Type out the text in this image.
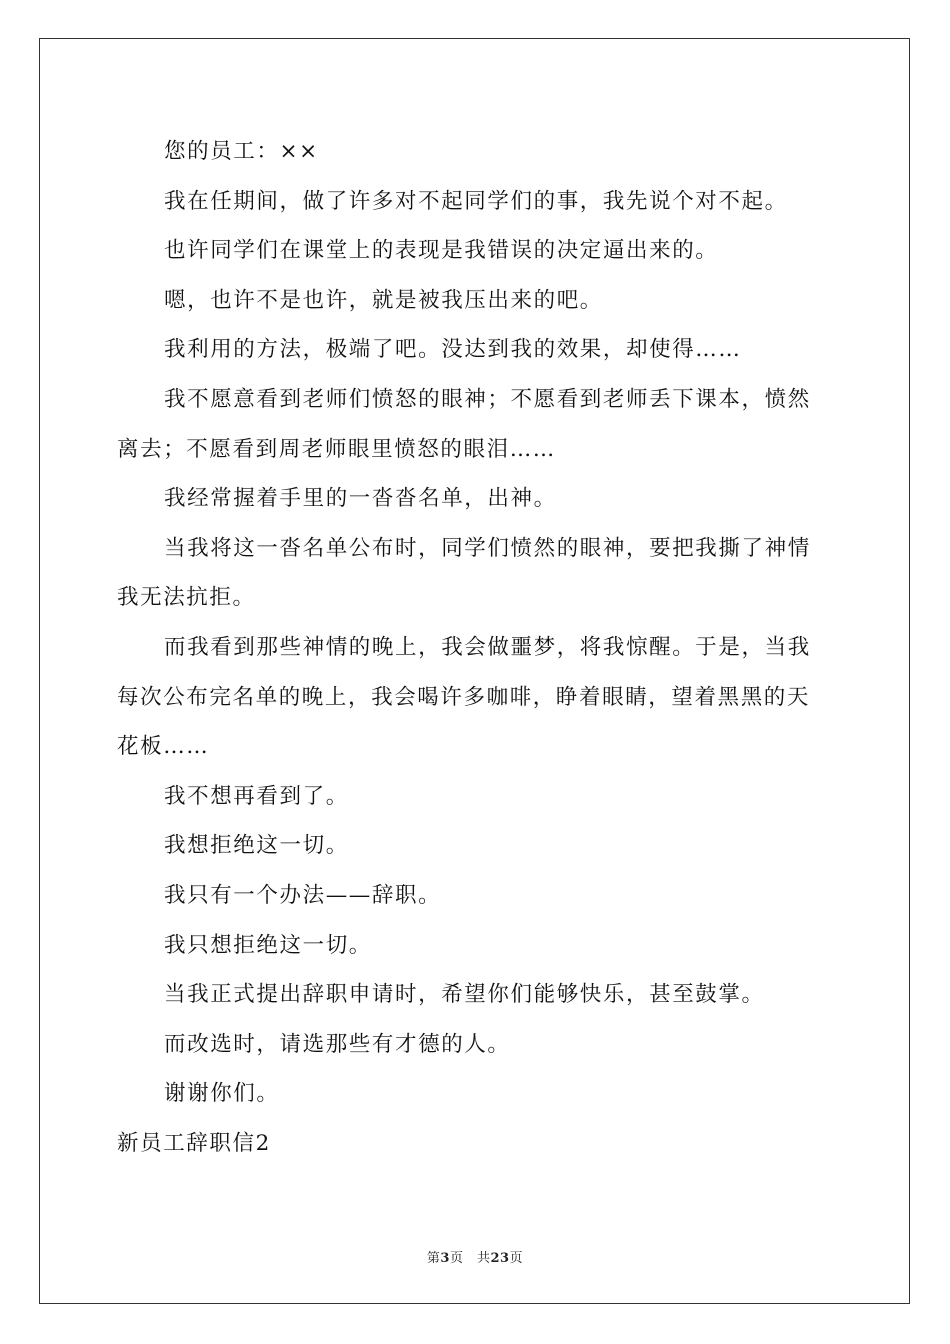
您的员工：××

我在任期间，做了许多对不起同学们的事，我先说个对不起。

也许同学们在课堂上的表现是我错误的决定逼出来的。

嗯，也许不是也许，就是被我压出来的吧。

我利用的方法，极端了吧。没达到我的效果，却使得……

我不愿意看到老师们愤怒的眼神；不愿看到老师丢下课本，愤然离去；不愿看到周老师眼里愤怒的眼泪……

我经常握着手里的一沓沓名单，出神。

当我将这一沓名单公布时，同学们愤然的眼神，要把我撕了神情我无法抗拒。

而我看到那些神情的晚上，我会做噩梦，将我惊醒。于是，当我每次公布完名单的晚上，我会喝许多咖啡，睁着眼睛，望着黑黑的天花板……

我不想再看到了。

我想拒绝这一切。

我只有一个办法——辞职。

我只想拒绝这一切。

当我正式提出辞职申请时，希望你们能够快乐，甚至鼓掌。

而改选时，请选那些有才德的人。

谢谢你们。

新员工辞职信2

第3页　共23页
